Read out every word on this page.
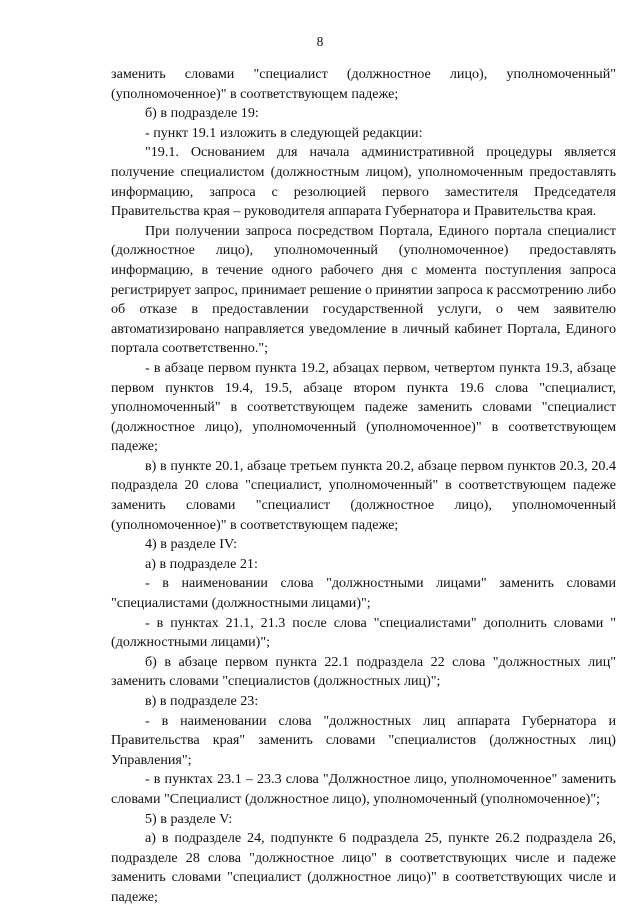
8

заменить словами "специалист (должностное лицо), уполномоченный" (уполномоченное)" в соответствующем падеже;

б) в подразделе 19:

- пункт 19.1 изложить в следующей редакции:

"19.1. Основанием для начала административной процедуры является получение специалистом (должностным лицом), уполномоченным предоставлять информацию, запроса с резолюцией первого заместителя Председателя Правительства края – руководителя аппарата Губернатора и Правительства края.

При получении запроса посредством Портала, Единого портала специалист (должностное лицо), уполномоченный (уполномоченное) предоставлять информацию, в течение одного рабочего дня с момента поступления запроса регистрирует запрос, принимает решение о принятии запроса к рассмотрению либо об отказе в предоставлении государственной услуги, о чем заявителю автоматизировано направляется уведомление в личный кабинет Портала, Единого портала соответственно.";

- в абзаце первом пункта 19.2, абзацах первом, четвертом пункта 19.3, абзаце первом пунктов 19.4, 19.5, абзаце втором пункта 19.6 слова "специалист, уполномоченный" в соответствующем падеже заменить словами "специалист (должностное лицо), уполномоченный (уполномоченное)" в соответствующем падеже;

в) в пункте 20.1, абзаце третьем пункта 20.2, абзаце первом пунктов 20.3, 20.4 подраздела 20 слова "специалист, уполномоченный" в соответствующем падеже заменить словами "специалист (должностное лицо), уполномоченный (уполномоченное)" в соответствующем падеже;

4) в разделе IV:

а) в подразделе 21:

- в наименовании слова "должностными лицами" заменить словами "специалистами (должностными лицами)";

- в пунктах 21.1, 21.3 после слова "специалистами" дополнить словами "(должностными лицами)";

б) в абзаце первом пункта 22.1 подраздела 22 слова "должностных лиц" заменить словами "специалистов (должностных лиц)";

в) в подразделе 23:

- в наименовании слова "должностных лиц аппарата Губернатора и Правительства края" заменить словами "специалистов (должностных лиц) Управления";

- в пунктах 23.1 – 23.3 слова "Должностное лицо, уполномоченное" заменить словами "Специалист (должностное лицо), уполномоченный (уполномоченное)";

5) в разделе V:

а) в подразделе 24, подпункте 6 подраздела 25, пункте 26.2 подраздела 26, подразделе 28 слова "должностное лицо" в соответствующих числе и падеже заменить словами "специалист (должностное лицо)" в соответствующих числе и падеже;
